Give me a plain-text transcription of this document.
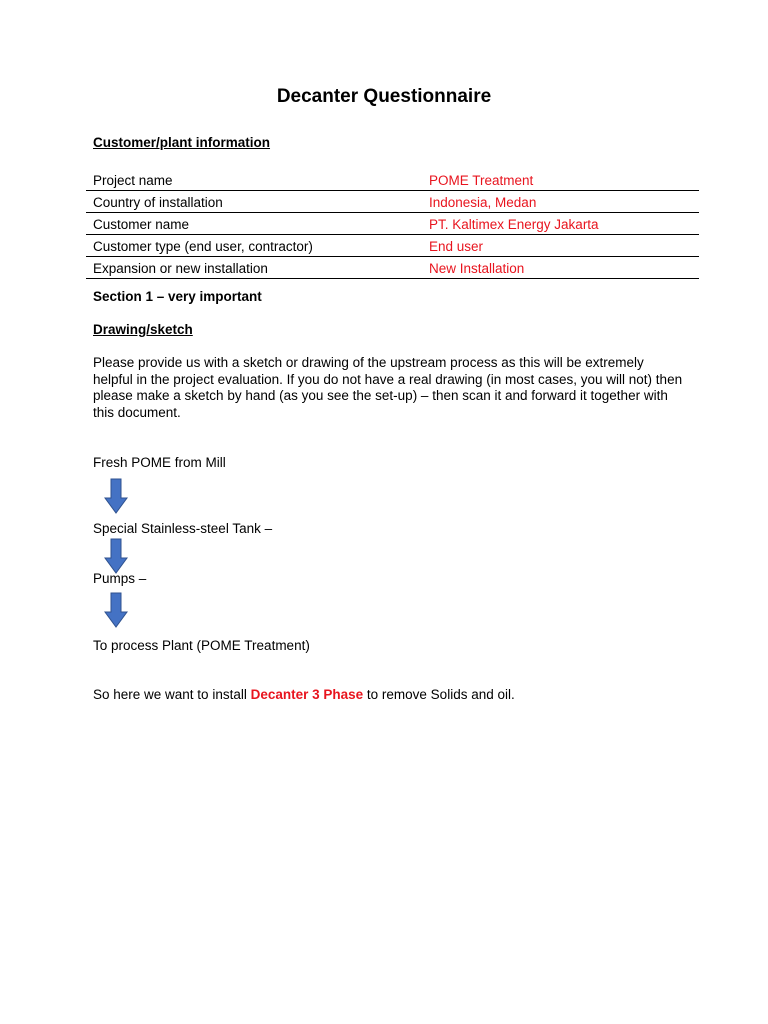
Decanter Questionnaire
Customer/plant information
Project name	POME Treatment
Country of installation	Indonesia, Medan
Customer name	PT. Kaltimex Energy Jakarta
Customer type (end user, contractor)	End user
Expansion or new installation	New Installation
Section 1 – very important
Drawing/sketch
Please provide us with a sketch or drawing of the upstream process as this will be extremely helpful in the project evaluation. If you do not have a real drawing (in most cases, you will not) then please make a sketch by hand (as you see the set-up) – then scan it and forward it together with this document.
Fresh POME from Mill
Special Stainless-steel Tank –
Pumps –
To process Plant (POME Treatment)
So here we want to install Decanter 3 Phase to remove Solids and oil.
